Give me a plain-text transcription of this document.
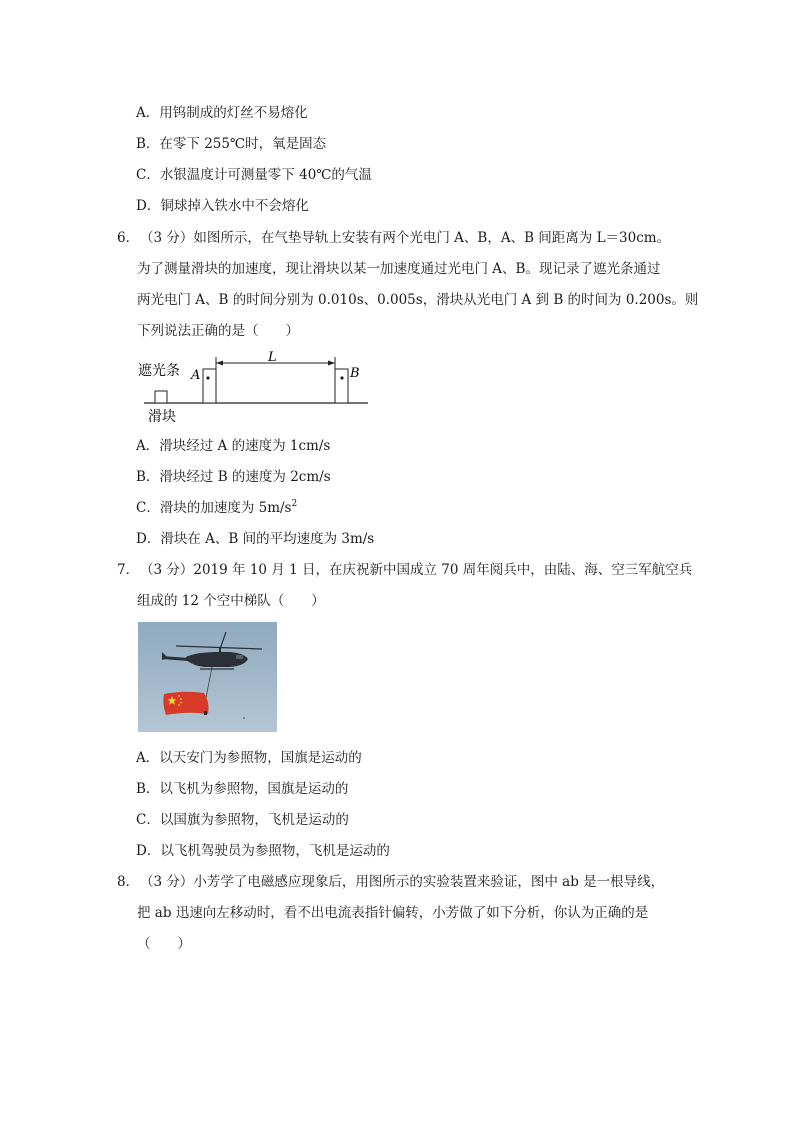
A．用钨制成的灯丝不易熔化
B．在零下 255℃时，氧是固态
C．水银温度计可测量零下 40℃的气温
D．铜球掉入铁水中不会熔化
6． （3 分）如图所示，在气垫导轨上安装有两个光电门 A、B，A、B 间距离为 L＝30cm。
为了测量滑块的加速度，现让滑块以某一加速度通过光电门 A、B。现记录了遮光条通过
两光电门 A、B 的时间分别为 0.010s、0.005s，滑块从光电门 A 到 B 的时间为 0.200s。则
下列说法正确的是（　　）
L
A	B
遮光条
滑块
A．滑块经过 A 的速度为 1cm/s
B．滑块经过 B 的速度为 2cm/s
C．滑块的加速度为 $5m/s^2$
D．滑块在 A、B 间的平均速度为 3m/s
7． （3 分）2019 年 10 月 1 日，在庆祝新中国成立 70 周年阅兵中，由陆、海、空三军航空兵
组成的 12 个空中梯队（　　）
A．以天安门为参照物，国旗是运动的
B．以飞机为参照物，国旗是运动的
C．以国旗为参照物，飞机是运动的
D．以飞机驾驶员为参照物，飞机是运动的
8． （3 分）小芳学了电磁感应现象后，用图所示的实验装置来验证，图中 ab 是一根导线，
把 ab 迅速向左移动时，看不出电流表指针偏转，小芳做了如下分析，你认为正确的是
（　　）
